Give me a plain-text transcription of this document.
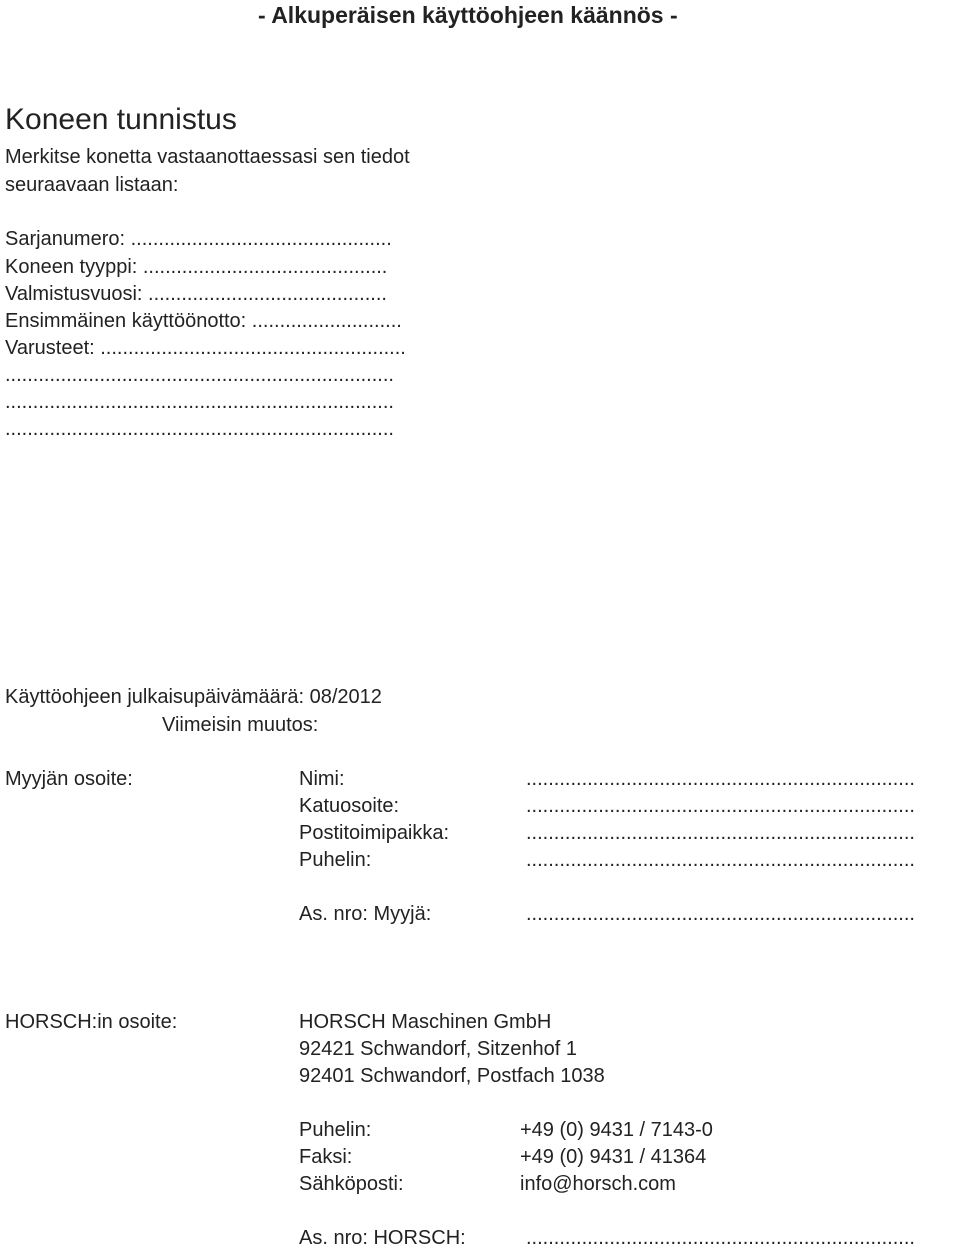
- Alkuperäisen käyttöohjeen käännös -
Koneen tunnistus
Merkitse konetta vastaanottaessasi sen tiedot
seuraavaan listaan:
Sarjanumero: ...............................................
Koneen tyyppi: ............................................
Valmistusvuosi: ...........................................
Ensimmäinen käyttöönotto: ...........................
Varusteet: .......................................................
......................................................................
......................................................................
......................................................................
Käyttöohjeen julkaisupäivämäärä: 08/2012
Viimeisin muutos:
Myyjän osoite:	Nimi:	......................................................................
Katuosoite:	......................................................................
Postitoimipaikka:	......................................................................
Puhelin:	......................................................................
As. nro: Myyjä:	......................................................................
HORSCH:in osoite:	HORSCH Maschinen GmbH
92421 Schwandorf, Sitzenhof 1
92401 Schwandorf, Postfach 1038
Puhelin:	+49 (0) 9431 / 7143-0
Faksi:	+49 (0) 9431 / 41364
Sähköposti:	info@horsch.com
As. nro: HORSCH:	......................................................................
